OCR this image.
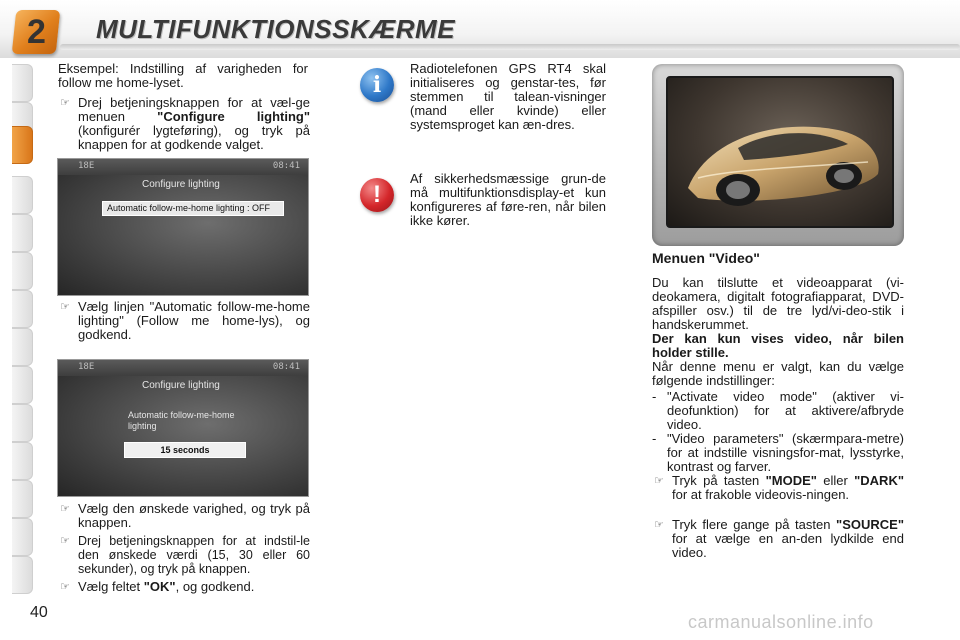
2 MULTIFUNKTIONSSKÆRME

Eksempel: Indstilling af varigheden for follow me home-lyset.

☞ Drej betjeningsknappen for at væl-ge menuen "Configure lighting" (konfigurér lygteføring), og tryk på knappen for at godkende valget.

18E	08:41
Configure lighting
Automatic follow-me-home lighting : OFF

☞ Vælg linjen "Automatic follow-me-home lighting" (Follow me home-lys), og godkend.

18E	08:41
Configure lighting
Automatic follow-me-home lighting
15 seconds

☞ Vælg den ønskede varighed, og tryk på knappen.

☞ Drej betjeningsknappen for at indstil-le den ønskede værdi (15, 30 eller 60 sekunder), og tryk på knappen.

☞ Vælg feltet "OK", og godkend.

i

Radiotelefonen GPS RT4 skal initialiseres og genstar-tes, før stemmen til talean-visninger (mand eller kvinde) eller systemsproget kan æn-dres.

!

Af sikkerhedsmæssige grun-de må multifunktionsdisplay-et kun konfigureres af føre-ren, når bilen ikke kører.

Menuen "Video"

Du kan tilslutte et videoapparat (vi-deokamera, digitalt fotografiapparat, DVD-afspiller osv.) til de tre lyd/vi-deo-stik i handskerummet.

Der kan kun vises video, når bilen holder stille.

Når denne menu er valgt, kan du vælge følgende indstillinger:

- "Activate video mode" (aktiver vi-deofunktion) for at aktivere/afbryde video.

- "Video parameters" (skærmpara-metre) for at indstille visningsfor-mat, lysstyrke, kontrast og farver.

☞ Tryk på tasten "MODE" eller "DARK" for at frakoble videovis-ningen.

☞ Tryk flere gange på tasten "SOURCE" for at vælge en an-den lydkilde end video.

40	carmanualsonline.info
